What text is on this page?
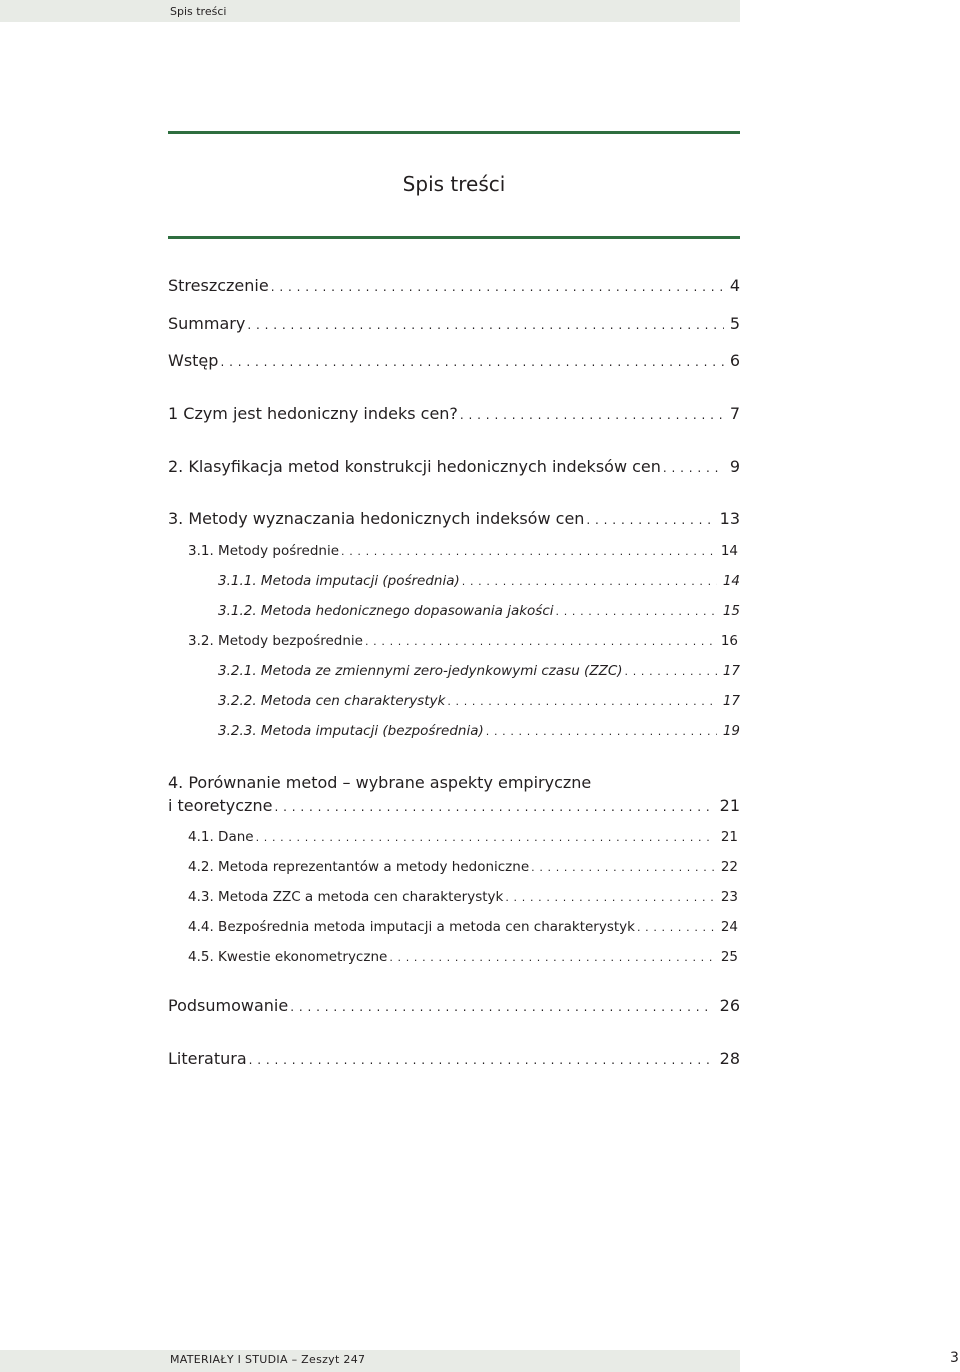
Spis treści
Spis treści
Streszczenie . . .	4
Summary . . .	5
Wstęp . . .	6
1 Czym jest hedoniczny indeks cen? . . .	7
2. Klasyfikacja metod konstrukcji hedonicznych indeksów cen . . .	9
3. Metody wyznaczania hedonicznych indeksów cen . . .	13
3.1. Metody pośrednie . . .	14
3.1.1. Metoda imputacji (pośrednia) . . .	14
3.1.2. Metoda hedonicznego dopasowania jakości . . .	15
3.2. Metody bezpośrednie . . .	16
3.2.1. Metoda ze zmiennymi zero-jedynkowymi czasu (ZZC) . . .	17
3.2.2. Metoda cen charakterystyk . . .	17
3.2.3. Metoda imputacji (bezpośrednia) . . .	19
4. Porównanie metod – wybrane aspekty empiryczne
i teoretyczne . . .	21
4.1. Dane . . .	21
4.2. Metoda reprezentantów a metody hedoniczne . . .	22
4.3. Metoda ZZC a metoda cen charakterystyk . . .	23
4.4. Bezpośrednia metoda imputacji a metoda cen charakterystyk . . .	24
4.5. Kwestie ekonometryczne . . .	25
Podsumowanie . . .	26
Literatura . . .	28
MATERIAŁY I STUDIA – Zeszyt 247	3
